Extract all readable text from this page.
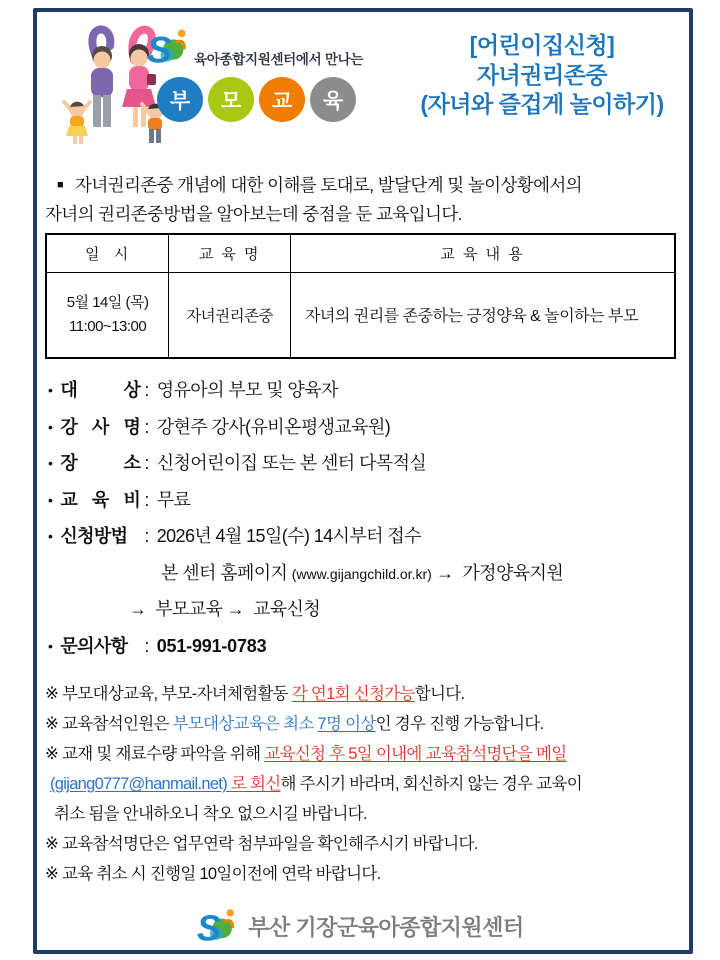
S 육아종합지원센터에서 만나는
부	모	교	육
[어린이집신청]
자녀권리존중
(자녀와 즐겁게 놀이하기)
■ 자녀권리존중 개념에 대한 이해를 토대로, 발달단계 및 놀이상황에서의
자녀의 권리존중방법을 알아보는데 중점을 둔 교육입니다.
일  시	교 육 명	교 육 내 용

5월 14일 (목)
11:00~13:00	자녀권리존중	자녀의 권리를 존중하는 긍정양육 & 놀이하는 부모
• 대 상 : 영유아의 부모 및 양육자
• 강 사 명 : 강현주 강사(유비온평생교육원)
• 장 소 : 신청어린이집 또는 본 센터 다목적실
• 교 육 비 : 무료
• 신청방법 : 2026년 4월 15일(수) 14시부터 접수
본 센터 홈페이지 (www.gijangchild.or.kr) →  가정양육지원
→  부모교육 →  교육신청
• 문의사항 : 051-991-0783
※ 부모대상교육, 부모-자녀체험활동 각 연1회 신청가능합니다.
※ 교육참석인원은 부모대상교육은 최소 7명 이상인 경우 진행 가능합니다.
※ 교재 및 재료수량 파악을 위해 교육신청 후 5일 이내에 교육참석명단을 메일
(gijang0777@hanmail.net) 로 회신해 주시기 바라며, 회신하지 않는 경우 교육이
취소 됨을 안내하오니 착오 없으시길 바랍니다.
※ 교육참석명단은 업무연락 첨부파일을 확인해주시기 바랍니다.
※ 교육 취소 시 진행일 10일이전에 연락 바랍니다.
S 부산 기장군육아종합지원센터
